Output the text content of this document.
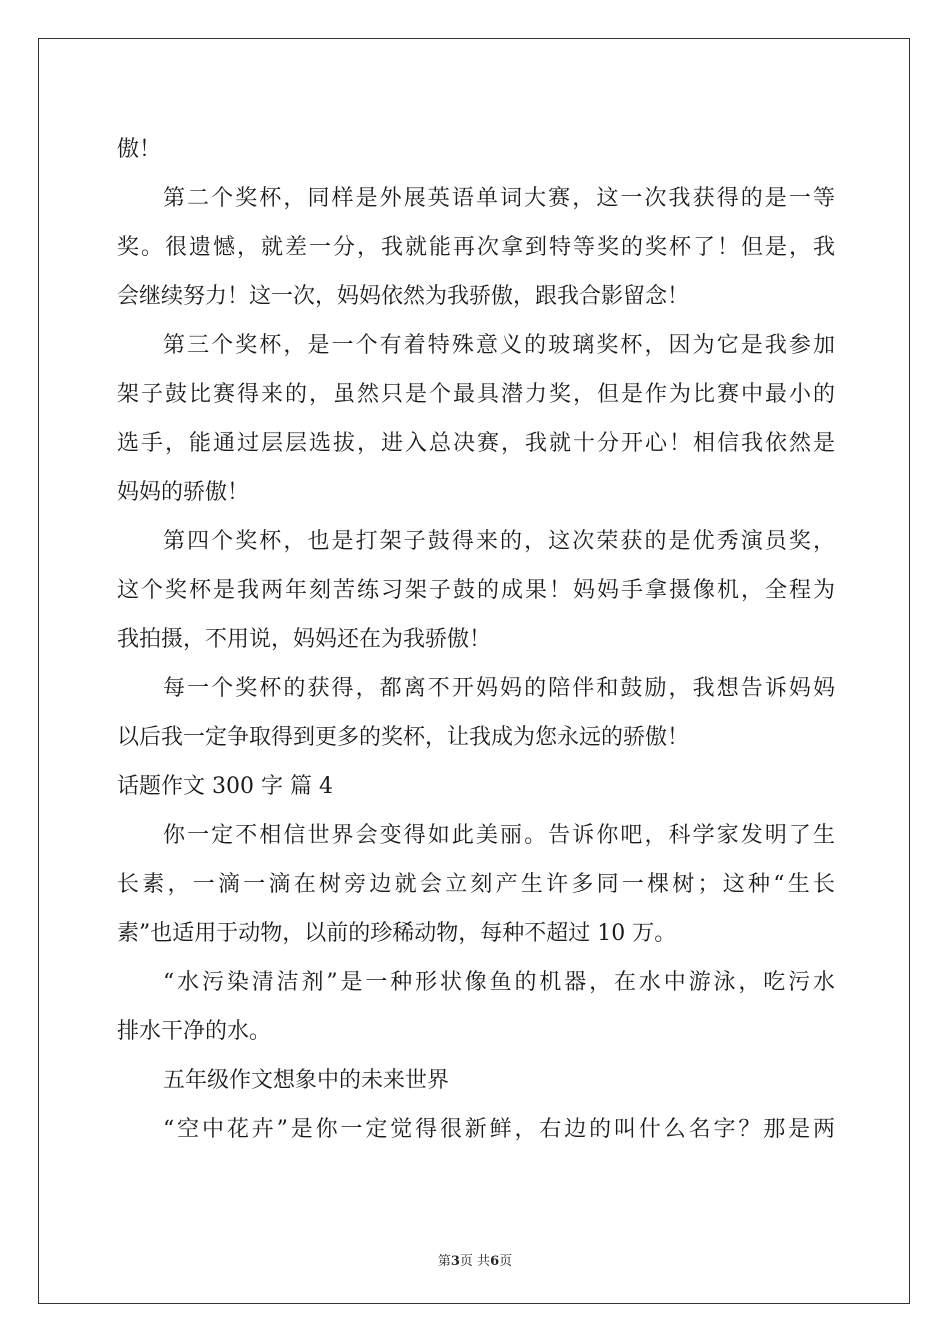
傲！
第二个奖杯，同样是外展英语单词大赛，这一次我获得的是一等
奖。很遗憾，就差一分，我就能再次拿到特等奖的奖杯了！但是，我
会继续努力！这一次，妈妈依然为我骄傲，跟我合影留念！
第三个奖杯，是一个有着特殊意义的玻璃奖杯，因为它是我参加
架子鼓比赛得来的，虽然只是个最具潜力奖，但是作为比赛中最小的
选手，能通过层层选拔，进入总决赛，我就十分开心！相信我依然是
妈妈的骄傲！
第四个奖杯，也是打架子鼓得来的，这次荣获的是优秀演员奖，
这个奖杯是我两年刻苦练习架子鼓的成果！妈妈手拿摄像机，全程为
我拍摄，不用说，妈妈还在为我骄傲！
每一个奖杯的获得，都离不开妈妈的陪伴和鼓励，我想告诉妈妈
以后我一定争取得到更多的奖杯，让我成为您永远的骄傲！
话题作文 300 字 篇 4
你一定不相信世界会变得如此美丽。告诉你吧，科学家发明了生
长素，一滴一滴在树旁边就会立刻产生许多同一棵树；这种“生长
素”也适用于动物，以前的珍稀动物，每种不超过 10 万。
“水污染清洁剂”是一种形状像鱼的机器，在水中游泳，吃污水
排水干净的水。
五年级作文想象中的未来世界
“空中花卉”是你一定觉得很新鲜，右边的叫什么名字？那是两
第3页 共6页
